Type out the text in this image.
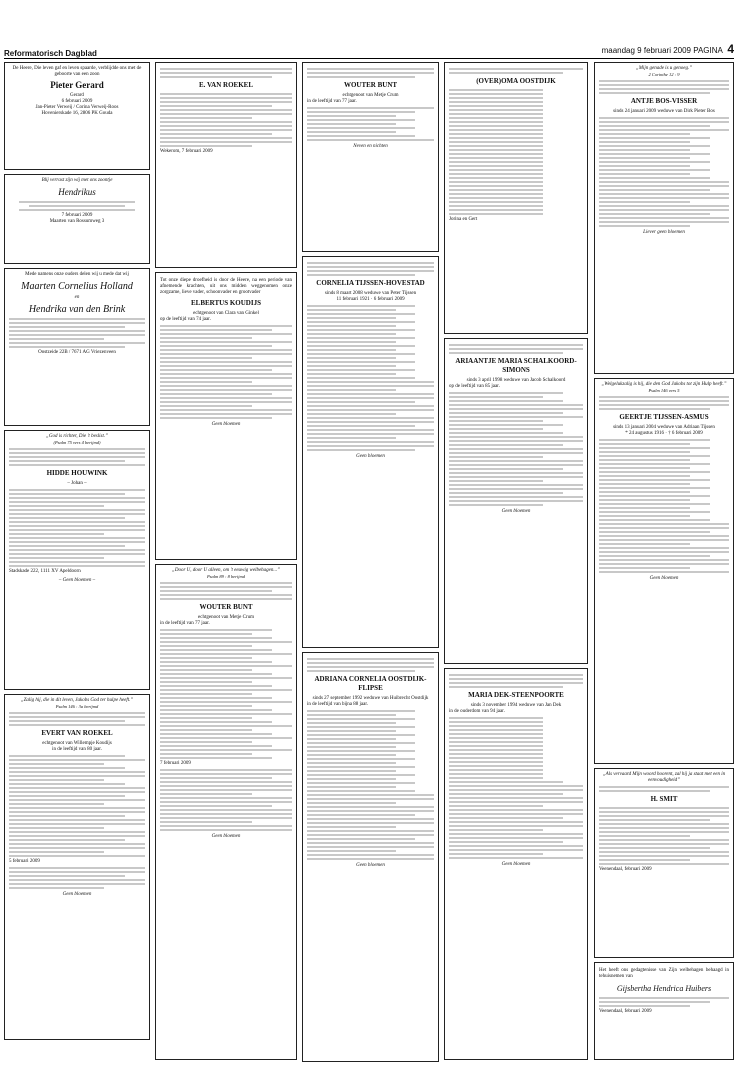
Reformatorisch Dagblad	maandag 9 februari 2009 PAGINA 4
De Heere, Die leven gaf en leven spaarde, verblijdde ons met de geboorte van een zoon
Pieter Gerard
Gerard
6 februari 2009
Jan-Pieter Verweij / Corina Verweij-Roos
Hovenierskade 16, 2806 PK Gouda
Blij verrast zijn wij met ons zoontje
Hendrikus
7 februari 2009
Maarten van Rossumweg 3
Mede namens onze ouders delen wij u mede dat wij
Maarten Cornelius Holland
en
Hendrika van den Brink
Oostzeide 22B / 7671 AG Vriezenveen
„God is richter, Die 't beslist.”
(Psalm 75 vers 4 berijmd)
HIDDE HOUWINK
– Johan –
Stadskade 222, 1111 XV Apeldoorn
– Geen bloemen –
„Zalig hij, die in dit leven, Jakobs God ter hulpe heeft.”
Psalm 146 : 3a berijmd
EVERT VAN ROEKEL
echtgenoot van Willempje Koudijs
in de leeftijd van 80 jaar.
5 februari 2009
Geen bloemen
E. VAN ROEKEL
Wekerom, 7 februari 2009
Tot onze diepe droefheid is door de Heere, na een periode van afnemende krachten, uit ons midden weggenomen onze zorgzame, lieve vader, schoonvader en grootvader
ELBERTUS KOUDIJS
echtgenoot van Clara van Ginkel
op de leeftijd van 74 jaar.
Geen bloemen
„Door U, door U alleen, om 't eeuwig welbehagen...”
Psalm 89 : 8 berijmd
WOUTER BUNT
echtgenoot van Metje Crum
in de leeftijd van 77 jaar.
7 februari 2009
Geen bloemen
WOUTER BUNT
echtgenoot van Metje Crum
in de leeftijd van 77 jaar.
Neven en nichten
CORNELIA TIJSSEN-HOVESTAD
sinds 8 maart 2008 weduwe van Peter Tijssen
11 februari 1921 · 6 februari 2009
Geen bloemen
ADRIANA CORNELIA OOSTDIJK-FLIPSE
sinds 27 september 1992 weduwe van Huibrecht Oostdijk
in de leeftijd van bijna 88 jaar.
Geen bloemen
(OVER)OMA OOSTDIJK
Jorina en Gert
ARIAANTJE MARIA SCHALKOORD-SIMONS
sinds 3 april 1998 weduwe van Jacob Schalkoord
op de leeftijd van 85 jaar.
Geen bloemen
MARIA DEK-STEENPOORTE
sinds 3 november 1994 weduwe van Jan Dek
in de ouderdom van 94 jaar.
Geen bloemen
„Mijn genade is u genoeg.”
2 Corinthe 12 : 9
ANTJE BOS-VISSER
sinds 24 januari 2009 weduwe van Dirk Pieter Bos
Liever geen bloemen
„Welgelukzalig is hij, die den God Jakobs tot zijn Hulp heeft.”
Psalm 146 vers 5
GEERTJE TIJSSEN-ASMUS
sinds 13 januari 2004 weduwe van Adriaan Tijssen
* 24 augustus 1916 · † 6 februari 2009
Geen bloemen
„Als vervaard Mijn woord hoorent, zal hij ja staat met een in eenvoudigheid”
H. SMIT
Veenendaal, februari 2009
Het heeft ons gedagtenisse van Zijn welbehagen behaagd in tehuisnemen van
Gijsbertha Hendrica Huibers
Veenendaal, februari 2009
